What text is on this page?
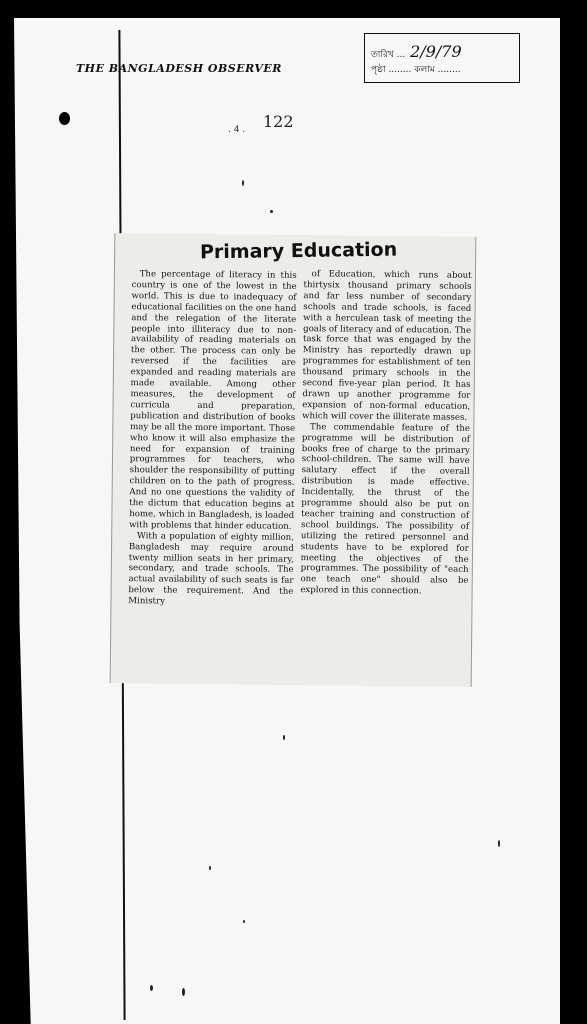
THE BANGLADESH OBSERVER
তারিখ ... 2/9/79
পৃষ্ঠা ........ কলাম ........
. 4 . 122
Primary Education

The percentage of literacy in this country is one of the lowest in the world. This is due to inadequacy of educational facilities on the one hand and the relegation of the literate people into illiteracy due to non-availability of reading materials on the other. The process can only be reversed if the facilities are expanded and reading materials are made available. Among other measures, the development of curricula and preparation, publication and distribution of books may be all the more important. Those who know it will also emphasize the need for expansion of training programmes for teachers, who shoulder the responsibility of putting children on to the path of progress. And no one questions the validity of the dictum that education begins at home, which in Bangladesh, is loaded with problems that hinder education.

With a population of eighty million, Bangladesh may require around twenty million seats in her primary, secondary, and trade schools. The actual availability of such seats is far below the requirement. And the Ministry

of Education, which runs about thirtysix thousand primary schools and far less number of secondary schools and trade schools, is faced with a herculean task of meeting the goals of literacy and of education. The task force that was engaged by the Ministry has reportedly drawn up programmes for establishment of ten thousand primary schools in the second five-year plan period. It has drawn up another programme for expansion of non-formal education, which will cover the illiterate masses.

The commendable feature of the programme will be distribution of books free of charge to the primary school-children. The same will have salutary effect if the overall distribution is made effective. Incidentally, the thrust of the programme should also be put on teacher training and construction of school buildings. The possibility of utilizing the retired personnel and students have to be explored for meeting the objectives of the programmes. The possibility of "each one teach one" should also be explored in this connection.
